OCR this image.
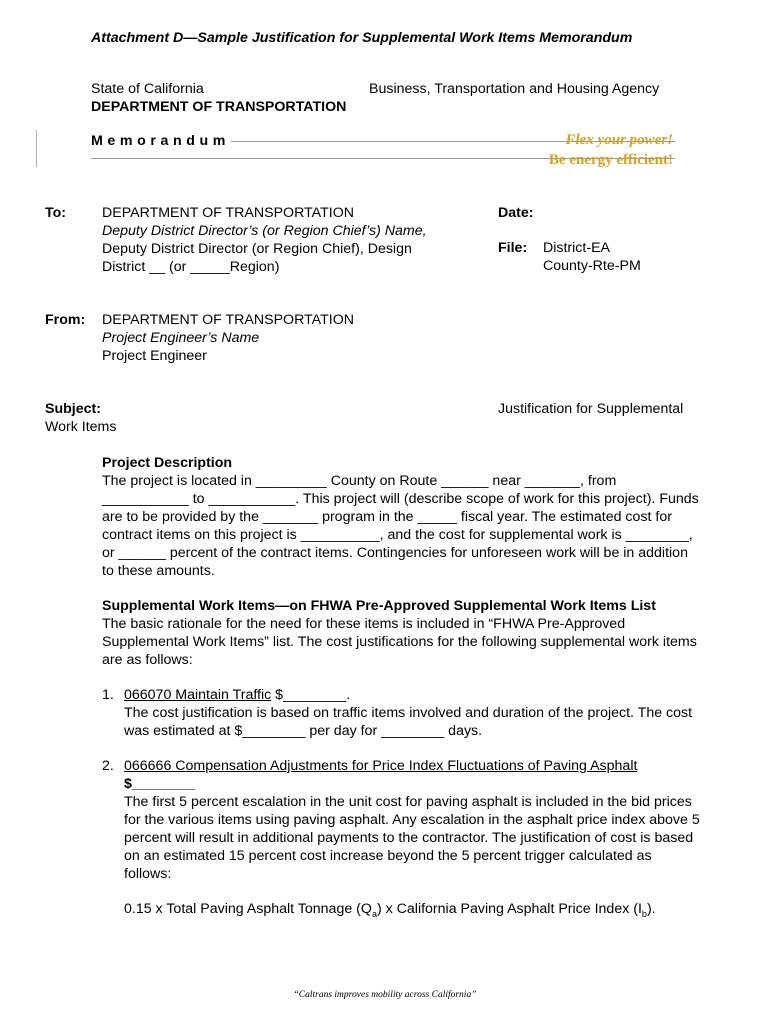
Attachment D—Sample Justification for Supplemental Work Items Memorandum
State of California	Business, Transportation and Housing Agency
DEPARTMENT OF TRANSPORTATION
Memorandum	Flex your power!
Be energy efficient!
To:	DEPARTMENT OF TRANSPORTATION
Deputy District Director’s (or Region Chief’s) Name,
Deputy District Director (or Region Chief), Design
District __ (or _____Region)
Date:
File: District-EA
County-Rte-PM
From: DEPARTMENT OF TRANSPORTATION
Project Engineer’s Name
Project Engineer
Subject:	Justification for Supplemental
Work Items

Project Description

The project is located in _________ County on Route ______ near _______, from ___________ to ___________. This project will (describe scope of work for this project). Funds are to be provided by the _______ program in the _____ fiscal year. The estimated cost for contract items on this project is __________, and the cost for supplemental work is ________, or ______ percent of the contract items. Contingencies for unforeseen work will be in addition to these amounts.

Supplemental Work Items—on FHWA Pre-Approved Supplemental Work Items List

The basic rationale for the need for these items is included in “FHWA Pre-Approved Supplemental Work Items” list. The cost justifications for the following supplemental work items are as follows:

1. 066070 Maintain Traffic $________.
The cost justification is based on traffic items involved and duration of the project. The cost was estimated at $________ per day for ________ days.
2. 066666 Compensation Adjustments for Price Index Fluctuations of Paving Asphalt
$________
The first 5 percent escalation in the unit cost for paving asphalt is included in the bid prices for the various items using paving asphalt. Any escalation in the asphalt price index above 5 percent will result in additional payments to the contractor. The justification of cost is based on an estimated 15 percent cost increase beyond the 5 percent trigger calculated as follows:
0.15 x Total Paving Asphalt Tonnage $(Q_a)$ x California Paving Asphalt Price Index $(I_b)$.
“Caltrans improves mobility across California”
